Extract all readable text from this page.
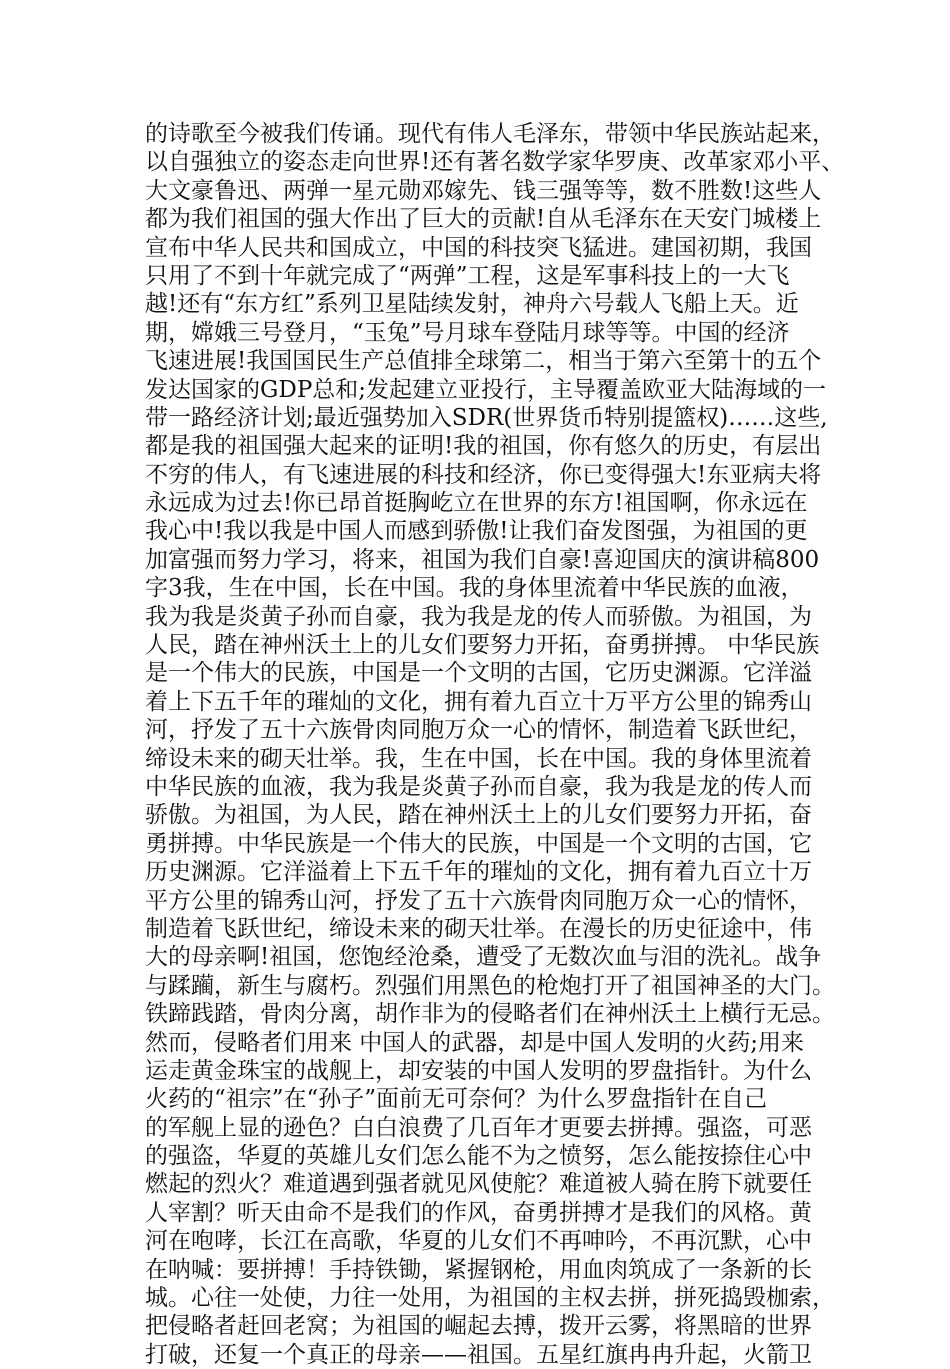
的诗歌至今被我们传诵。现代有伟人毛泽东，带领中华民族站起来，
以自强独立的姿态走向世界!还有著名数学家华罗庚、改革家邓小平、
大文豪鲁迅、两弹一星元勋邓嫁先、钱三强等等，数不胜数!这些人
都为我们祖国的强大作出了巨大的贡献!自从毛泽东在天安门城楼上
宣布中华人民共和国成立，中国的科技突飞猛进。建国初期，我国
只用了不到十年就完成了“两弹”工程，这是军事科技上的一大飞
越!还有“东方红”系列卫星陆续发射，神舟六号载人飞船上天。近
期，嫦娥三号登月，“玉兔”号月球车登陆月球等等。中国的经济
飞速进展!我国国民生产总值排全球第二，相当于第六至第十的五个
发达国家的GDP总和;发起建立亚投行，主导覆盖欧亚大陆海域的一
带一路经济计划;最近强势加入SDR(世界货币特别提篮权)……这些,
都是我的祖国强大起来的证明!我的祖国，你有悠久的历史，有层出
不穷的伟人，有飞速进展的科技和经济，你已变得强大!东亚病夫将
永远成为过去!你已昂首挺胸屹立在世界的东方!祖国啊，你永远在
我心中!我以我是中国人而感到骄傲!让我们奋发图强，为祖国的更
加富强而努力学习，将来，祖国为我们自豪!喜迎国庆的演讲稿800
字3我，生在中国，长在中国。我的身体里流着中华民族的血液，
我为我是炎黄子孙而自豪，我为我是龙的传人而骄傲。为祖国，为
人民，踏在神州沃土上的儿女们要努力开拓，奋勇拼搏。 中华民族
是一个伟大的民族，中国是一个文明的古国，它历史渊源。它洋溢
着上下五千年的璀灿的文化，拥有着九百立十万平方公里的锦秀山
河，抒发了五十六族骨肉同胞万众一心的情怀，制造着飞跃世纪，
缔设未来的砌天壮举。我，生在中国，长在中国。我的身体里流着
中华民族的血液，我为我是炎黄子孙而自豪，我为我是龙的传人而
骄傲。为祖国，为人民，踏在神州沃土上的儿女们要努力开拓，奋
勇拼搏。中华民族是一个伟大的民族，中国是一个文明的古国，它
历史渊源。它洋溢着上下五千年的璀灿的文化，拥有着九百立十万
平方公里的锦秀山河，抒发了五十六族骨肉同胞万众一心的情怀，
制造着飞跃世纪，缔设未来的砌天壮举。在漫长的历史征途中，伟
大的母亲啊!祖国，您饱经沧桑，遭受了无数次血与泪的洗礼。战争
与蹂躏，新生与腐朽。烈强们用黑色的枪炮打开了祖国神圣的大门。
铁蹄践踏，骨肉分离，胡作非为的侵略者们在神州沃土上横行无忌。
然而，侵略者们用来 中国人的武器，却是中国人发明的火药;用来
运走黄金珠宝的战舰上，却安装的中国人发明的罗盘指针。为什么
火药的“祖宗”在“孙子”面前无可奈何？为什么罗盘指针在自己
的军舰上显的逊色？白白浪费了几百年才更要去拼搏。强盗，可恶
的强盗，华夏的英雄儿女们怎么能不为之愤努，怎么能按捺住心中
燃起的烈火？难道遇到强者就见风使舵？难道被人骑在胯下就要任
人宰割？听天由命不是我们的作风，奋勇拼搏才是我们的风格。黄
河在咆哮，长江在高歌，华夏的儿女们不再呻吟，不再沉默，心中
在呐喊：要拼搏！手持铁锄，紧握钢枪，用血肉筑成了一条新的长
城。心往一处使，力往一处用，为祖国的主权去拼，拼死捣毁枷索，
把侵略者赶回老窝；为祖国的崛起去搏，拨开云雾，将黑暗的世界
打破，还复一个真正的母亲——祖国。五星红旗冉冉升起，火箭卫
